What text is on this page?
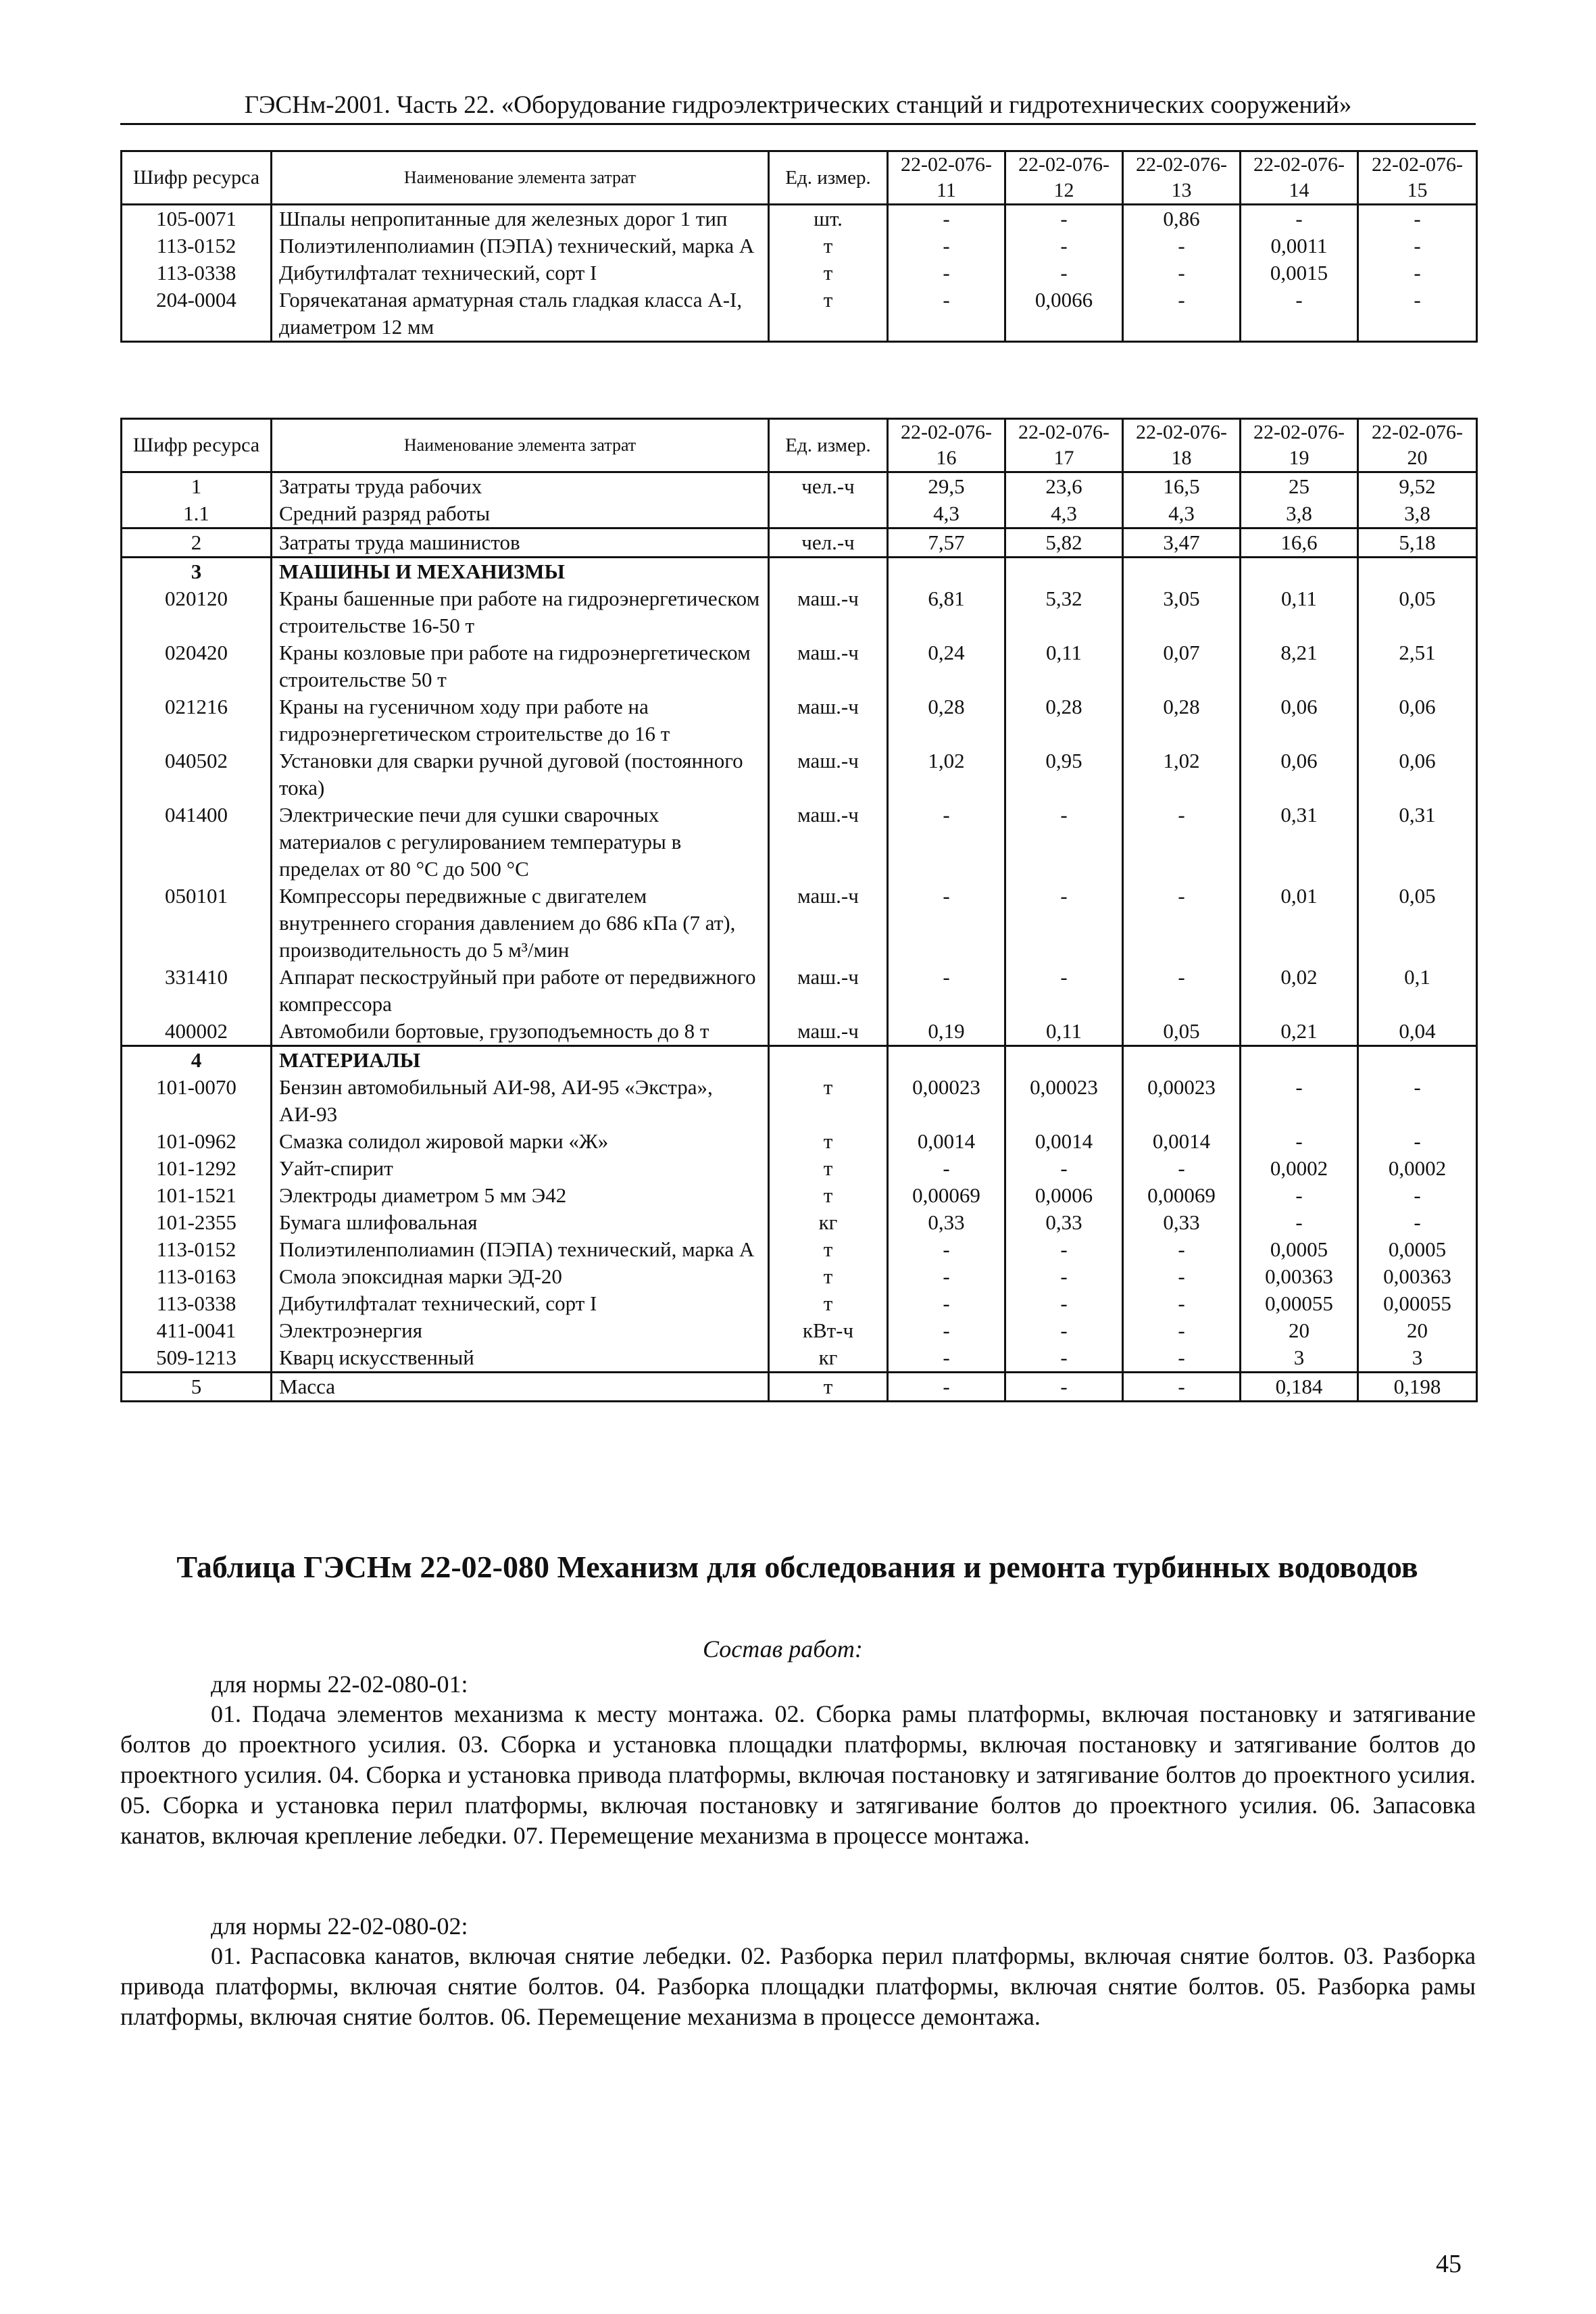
ГЭСНм-2001. Часть 22. «Оборудование гидроэлектрических станций и гидротехнических сооружений»
Шифр ресурса	Наименование элемента затрат	Ед. измер.	22-02-076-11	22-02-076-12	22-02-076-13	22-02-076-14	22-02-076-15
105-0071	Шпалы непропитанные для железных дорог 1 тип	шт.	-	-	0,86	-	-
113-0152	Полиэтиленполиамин (ПЭПА) технический, марка А	т	-	-	-	0,0011	-
113-0338	Дибутилфталат технический, сорт I	т	-	-	-	0,0015	-
204-0004	Горячекатаная арматурная сталь гладкая класса А-I, диаметром 12 мм	т	-	0,0066	-	-	-
Шифр ресурса	Наименование элемента затрат	Ед. измер.	22-02-076-16	22-02-076-17	22-02-076-18	22-02-076-19	22-02-076-20
1	Затраты труда рабочих	чел.-ч	29,5	23,6	16,5	25	9,52
1.1	Средний разряд работы		4,3	4,3	4,3	3,8	3,8
2	Затраты труда машинистов	чел.-ч	7,57	5,82	3,47	16,6	5,18
3	МАШИНЫ И МЕХАНИЗМЫ						
020120	Краны башенные при работе на гидроэнергетическом строительстве 16-50 т	маш.-ч	6,81	5,32	3,05	0,11	0,05
020420	Краны козловые при работе на гидроэнергетическом строительстве 50 т	маш.-ч	0,24	0,11	0,07	8,21	2,51
021216	Краны на гусеничном ходу при работе на гидроэнергетическом строительстве до 16 т	маш.-ч	0,28	0,28	0,28	0,06	0,06
040502	Установки для сварки ручной дуговой (постоянного тока)	маш.-ч	1,02	0,95	1,02	0,06	0,06
041400	Электрические печи для сушки сварочных материалов с регулированием температуры в пределах от 80 °С до 500 °С	маш.-ч	-	-	-	0,31	0,31
050101	Компрессоры передвижные с двигателем внутреннего сгорания давлением до 686 кПа (7 ат), производительность до 5 м³/мин	маш.-ч	-	-	-	0,01	0,05
331410	Аппарат пескоструйный при работе от передвижного компрессора	маш.-ч	-	-	-	0,02	0,1
400002	Автомобили бортовые, грузоподъемность до 8 т	маш.-ч	0,19	0,11	0,05	0,21	0,04
4	МАТЕРИАЛЫ						
101-0070	Бензин автомобильный АИ-98, АИ-95 «Экстра», АИ-93	т	0,00023	0,00023	0,00023	-	-
101-0962	Смазка солидол жировой марки «Ж»	т	0,0014	0,0014	0,0014	-	-
101-1292	Уайт-спирит	т	-	-	-	0,0002	0,0002
101-1521	Электроды диаметром 5 мм Э42	т	0,00069	0,0006	0,00069	-	-
101-2355	Бумага шлифовальная	кг	0,33	0,33	0,33	-	-
113-0152	Полиэтиленполиамин (ПЭПА) технический, марка А	т	-	-	-	0,0005	0,0005
113-0163	Смола эпоксидная марки ЭД-20	т	-	-	-	0,00363	0,00363
113-0338	Дибутилфталат технический, сорт I	т	-	-	-	0,00055	0,00055
411-0041	Электроэнергия	кВт-ч	-	-	-	20	20
509-1213	Кварц искусственный	кг	-	-	-	3	3
5	Масса	т	-	-	-	0,184	0,198
Таблица ГЭСНм 22-02-080 Механизм для обследования и ремонта турбинных водоводов
Состав работ:
для нормы 22-02-080-01:
01. Подача элементов механизма к месту монтажа. 02. Сборка рамы платформы, включая постановку и затягивание болтов до проектного усилия. 03. Сборка и установка площадки платформы, включая постановку и затягивание болтов до проектного усилия. 04. Сборка и установка привода платформы, включая постановку и затягивание болтов до проектного усилия. 05. Сборка и установка перил платформы, включая постановку и затягивание болтов до проектного усилия. 06. Запасовка канатов, включая крепление лебедки. 07. Перемещение механизма в процессе монтажа.
для нормы 22-02-080-02:
01. Распасовка канатов, включая снятие лебедки. 02. Разборка перил платформы, включая снятие болтов. 03. Разборка привода платформы, включая снятие болтов. 04. Разборка площадки платформы, включая снятие болтов. 05. Разборка рамы платформы, включая снятие болтов. 06. Перемещение механизма в процессе демонтажа.
45
